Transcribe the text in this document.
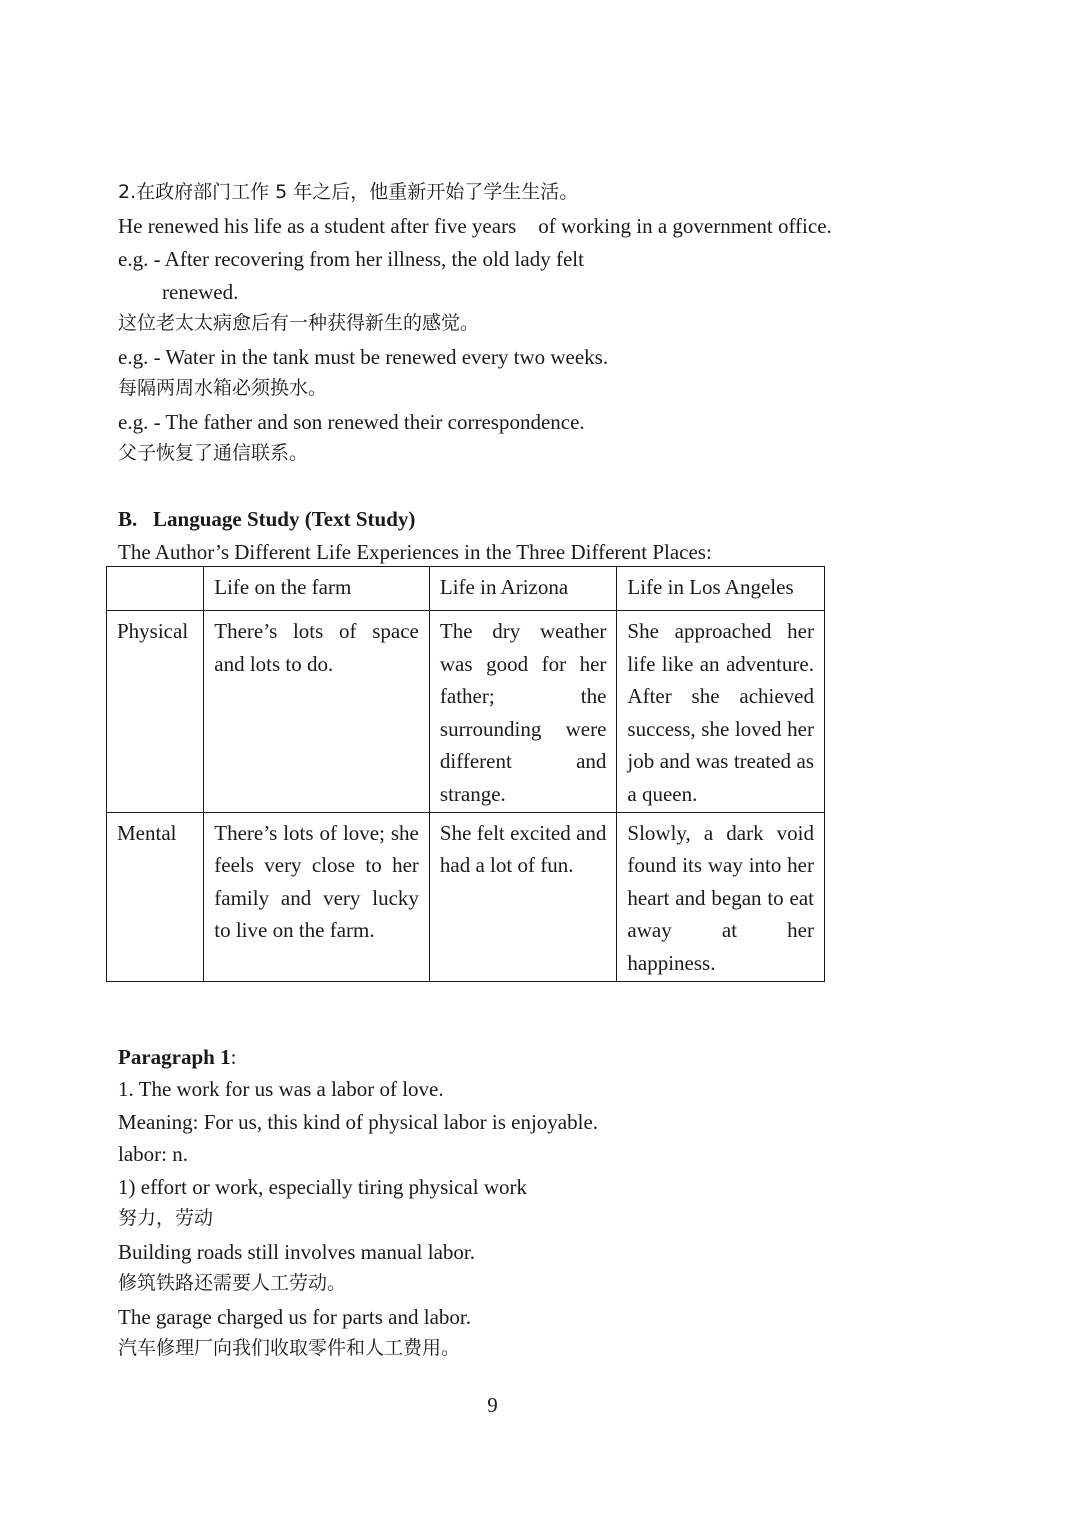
2.在政府部门工作 5 年之后，他重新开始了学生生活。
He renewed his life as a student after five years of working in a government office.
e.g. - After recovering from her illness, the old lady felt
renewed.
这位老太太病愈后有一种获得新生的感觉。
e.g. - Water in the tank must be renewed every two weeks.
每隔两周水箱必须换水。
e.g. - The father and son renewed their correspondence.
父子恢复了通信联系。
B. Language Study (Text Study)
The Author’s Different Life Experiences in the Three Different Places:
	Life on the farm	Life in Arizona	Life in Los Angeles
Physical	There’s lots of space and lots to do.	The dry weather was good for her father; the surrounding were different and strange.	She approached her life like an adventure. After she achieved success, she loved her job and was treated as a queen.
Mental	There’s lots of love; she feels very close to her family and very lucky to live on the farm.	She felt excited and had a lot of fun.	Slowly, a dark void found its way into her heart and began to eat away at her happiness.
Paragraph 1:
1. The work for us was a labor of love.
Meaning: For us, this kind of physical labor is enjoyable.
labor: n.
1) effort or work, especially tiring physical work
努力，劳动
Building roads still involves manual labor.
修筑铁路还需要人工劳动。
The garage charged us for parts and labor.
汽车修理厂向我们收取零件和人工费用。
9
